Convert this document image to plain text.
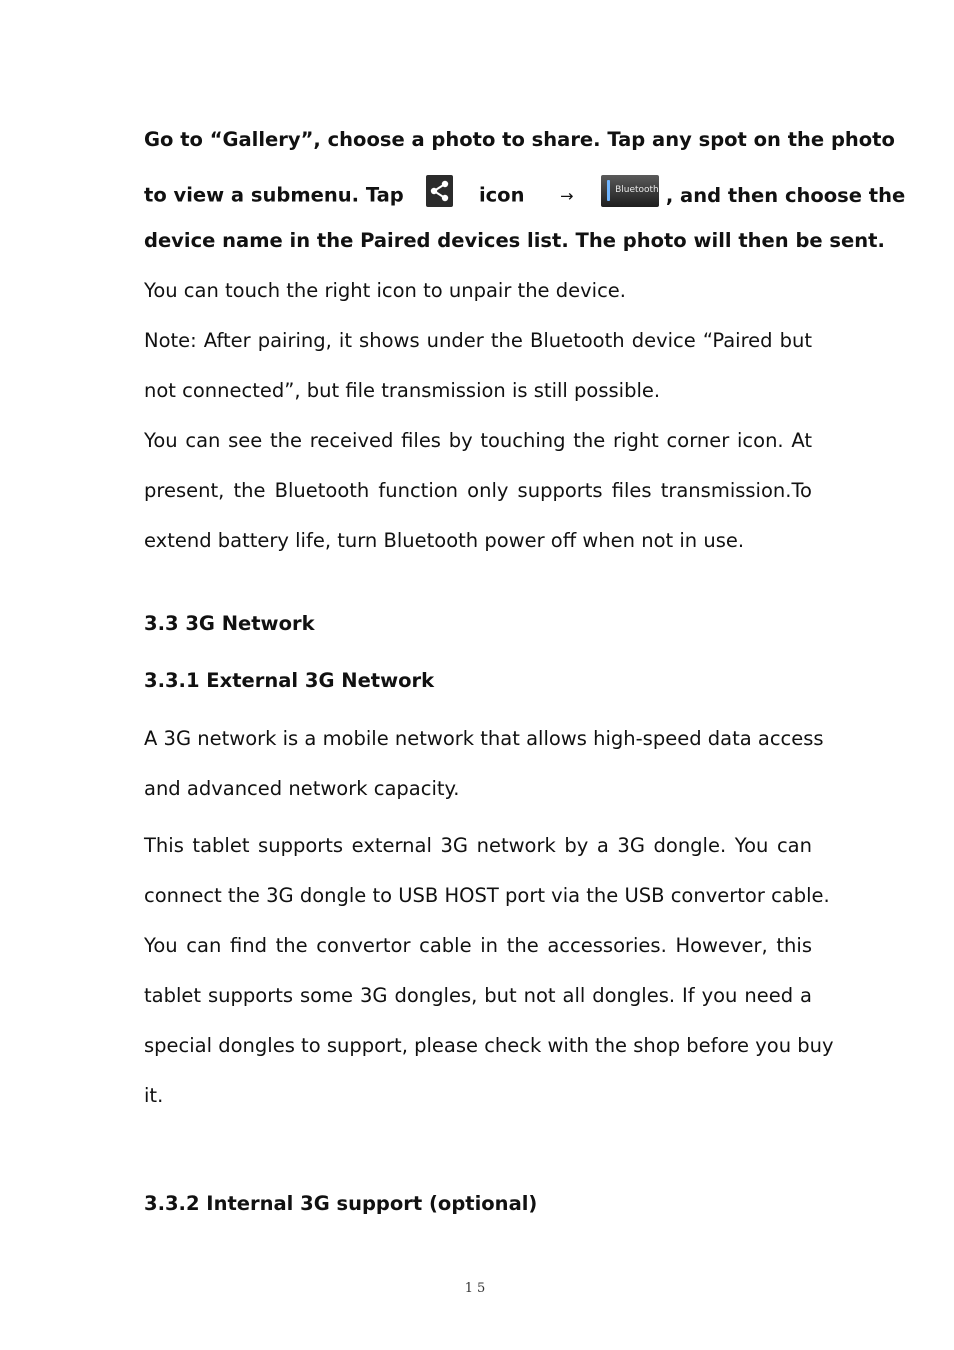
Go to “Gallery”, choose a photo to share. Tap any spot on the photo
to view a submenu. Tap	icon →	Bluetooth , and then choose the
device name in the Paired devices list. The photo will then be sent.
You can touch the right icon to unpair the device.
Note: After pairing, it shows under the Bluetooth device “Paired but
not connected”, but file transmission is still possible.
You can see the received files by touching the right corner icon. At
present, the Bluetooth function only supports files transmission.To
extend battery life, turn Bluetooth power off when not in use.
3.3 3G Network
3.3.1 External 3G Network
A 3G network is a mobile network that allows high-speed data access
and advanced network capacity.
This tablet supports external 3G network by a 3G dongle. You can
connect the 3G dongle to USB HOST port via the USB convertor cable.
You can find the convertor cable in the accessories. However, this
tablet supports some 3G dongles, but not all dongles. If you need a
special dongles to support, please check with the shop before you buy
it.
3.3.2 Internal 3G support (optional)
15
